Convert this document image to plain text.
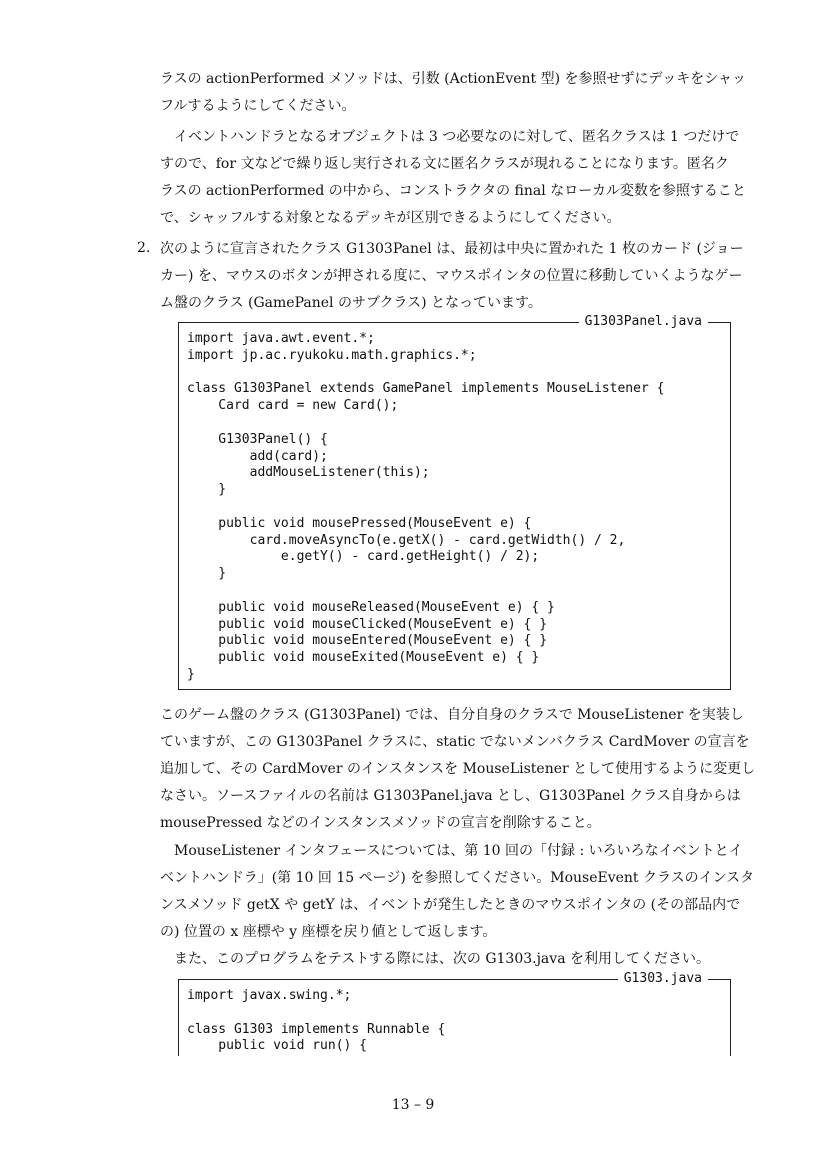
ラスの actionPerformed メソッドは、引数 (ActionEvent 型) を参照せずにデッキをシャッ
フルするようにしてください。
　イベントハンドラとなるオブジェクトは 3 つ必要なのに対して、匿名クラスは 1 つだけで
すので、for 文などで繰り返し実行される文に匿名クラスが現れることになります。匿名ク
ラスの actionPerformed の中から、コンストラクタの final なローカル変数を参照すること
で、シャッフルする対象となるデッキが区別できるようにしてください。
2. 次のように宣言されたクラス G1303Panel は、最初は中央に置かれた 1 枚のカード (ジョー
カー) を、マウスのボタンが押される度に、マウスポインタの位置に移動していくようなゲー
ム盤のクラス (GamePanel のサブクラス) となっています。
G1303Panel.java
import java.awt.event.*;
import jp.ac.ryukoku.math.graphics.*;

class G1303Panel extends GamePanel implements MouseListener {
Card card = new Card();

G1303Panel() {
add(card);
addMouseListener(this);
}

public void mousePressed(MouseEvent e) {
card.moveAsyncTo(e.getX() - card.getWidth() / 2,
e.getY() - card.getHeight() / 2);
}

public void mouseReleased(MouseEvent e) { }
public void mouseClicked(MouseEvent e) { }
public void mouseEntered(MouseEvent e) { }
public void mouseExited(MouseEvent e) { }
}
このゲーム盤のクラス (G1303Panel) では、自分自身のクラスで MouseListener を実装し
ていますが、この G1303Panel クラスに、static でないメンバクラス CardMover の宣言を
追加して、その CardMover のインスタンスを MouseListener として使用するように変更し
なさい。ソースファイルの名前は G1303Panel.java とし、G1303Panel クラス自身からは
mousePressed などのインスタンスメソッドの宣言を削除すること。
　MouseListener インタフェースについては、第 10 回の「付録 : いろいろなイベントとイ
ベントハンドラ」(第 10 回 15 ページ) を参照してください。MouseEvent クラスのインスタ
ンスメソッド getX や getY は、イベントが発生したときのマウスポインタの (その部品内で
の) 位置の x 座標や y 座標を戻り値として返します。
　また、このプログラムをテストする際には、次の G1303.java を利用してください。
G1303.java
import javax.swing.*;

class G1303 implements Runnable {
public void run() {
13 – 9
